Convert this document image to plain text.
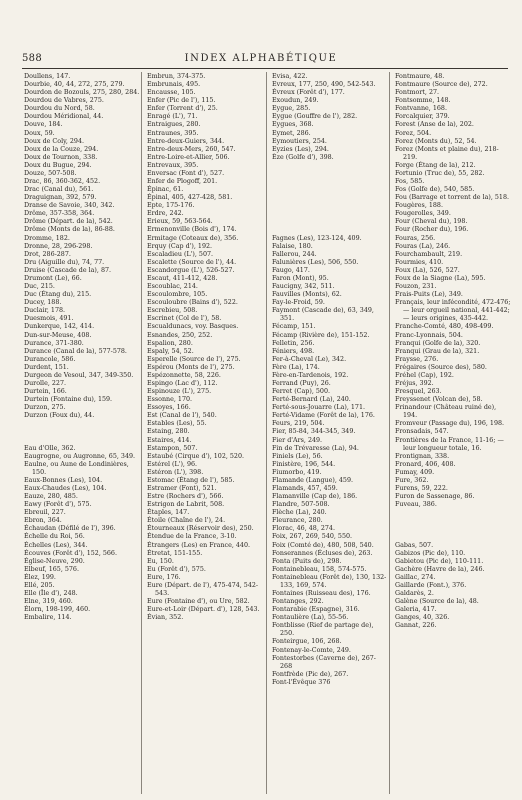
588	INDEX ALPHABÉTIQUE
Doullens, 147.
Dourbie, 40, 44, 272, 275, 279.
Dourdon de Bozouls, 275, 280, 284.
Dourdou de Vabres, 275.
Dourdou du Nord, 58.
Dourdou Méridional, 44.
Douve, 184.
Doux, 59.
Doux de Coly, 294.
Doux de la Couze, 294.
Doux de Tournon, 338.
Doux du Bugue, 294.
Douze, 507-508.
Drac, 86, 360-362, 452.
Drac (Canal du), 561.
Draguignan, 392, 579.
Dranse de Savoie, 340, 342.
Drôme, 357-358, 364.
Drôme (Départ. de la), 542.
Drôme (Monts de la), 86-88.
Dromme, 182.
Dronne, 28, 296-298.
Drot, 286-287.
Dru (Aiguille du), 74, 77.
Druise (Cascade de la), 87.
Drumont (Le), 66.
Duc, 215.
Duc (Étang du), 215.
Ducey, 188.
Duclair, 178.
Duesmois, 491.
Dunkerque, 142, 414.
Dun-sur-Meuse, 408.
Durance, 371-380.
Durance (Canal de la), 577-578.
Durancole, 586.
Durdent, 151.
Durgeon de Vesoul, 347, 349-350.
Durolle, 227.
Durtein, 166.
Durtein (Fontaine du), 159.
Durzon, 275.
Durzon (Foux du), 44.
Eau d'Olle, 362.
Eaugrogne, ou Augronne, 65, 349.
Eaulne, ou Aune de Londinières, 150.
Eaux-Bonnes (Les), 104.
Eaux-Chaudes (Les), 104.
Eauze, 280, 485.
Eawy (Forêt d'), 575.
Ebreuil, 227.
Ebron, 364.
Échaudan (Défilé de l'), 396.
Échelle du Roi, 56.
Échelles (Les), 344.
Écouves (Forêt d'), 152, 566.
Église-Neuve, 290.
Elbeuf, 165, 576.
Élez, 199.
Ellé, 205.
Elle (Île d'), 248.
Elne, 319, 460.
Élorn, 198-199, 460.
Embalire, 114.
Embrun, 374-375.
Embrunais, 495.
Encausse, 105.
Enfer (Pic de l'), 115.
Enfer (Torrent d'), 25.
Enragé (L'), 71.
Entraigues, 280.
Entraunes, 395.
Entre-deux-Guiers, 344.
Entre-deux-Mers, 260, 547.
Entre-Loire-et-Allier, 506.
Entrevaux, 395.
Enversac (Font d'), 527.
Enfer de Plogoff, 201.
Épinac, 61.
Épinal, 405, 427-428, 581.
Epte, 175-176.
Erdre, 242.
Erieux, 59, 563-564.
Ermenonville (Bois d'), 174.
Ermitage (Coteaux de), 356.
Erquy (Cap d'), 192.
Escaladieu (L'), 507.
Escalette (Source de l'), 44.
Escandorgue (L'), 526-527.
Escaut, 411-412, 428.
Escoublac, 214.
Escoulombre, 105.
Escouloubre (Bains d'), 522.
Escrebieu, 508.
Escrinet (Col de l'), 58.
Escualdunacs, voy. Basques.
Esnandes, 250, 252.
Espalion, 280.
Espaly, 54, 52.
Esperelle (Source de l'), 275.
Espérou (Monts de l'), 275.
Espézonnette, 58, 226.
Espingo (Lac d'), 112.
Espinouze (L'), 275.
Essonne, 170.
Essoyes, 166.
Est (Canal de l'), 540.
Estables (Les), 55.
Estaing, 280.
Estaires, 414.
Estampon, 507.
Estaubé (Cirque d'), 102, 520.
Estérel (L'), 96.
Estéron (L'), 398.
Estomac (Étang de l'), 585.
Estramer (Font), 521.
Estre (Rochers d'), 566.
Estrigon de Labrit, 508.
Étaples, 147.
Étoile (Chaîne de l'), 24.
Étourneaux (Réservoir des), 250.
Étendue de la France, 3-10.
Étrangers (Les) en France, 440.
Étretat, 151-155.
Eu, 150.
Eu (Forêt d'), 575.
Eure, 176.
Eure (Départ. de l'), 475-474, 542-543.
Eure (Fontaine d'), ou Ure, 582.
Eure-et-Loir (Départ. d'), 128, 543.
Évian, 352.
Evisa, 422.
Evreux, 177, 250, 490, 542-543.
Évreux (Forêt d'), 177.
Exoudun, 249.
Eygue, 285.
Eygue (Gouffre de l'), 282.
Eygues, 368.
Eymet, 286.
Eymoutiers, 254.
Eyzies (Les), 294.
Èze (Golfe d'), 398.
Fagnes (Les), 123-124, 409.
Falaise, 180.
Fallerou, 244.
Falunières (Les), 506, 550.
Faugo, 417.
Faron (Mont), 95.
Faucigny, 342, 511.
Fauvilles (Monts), 62.
Fay-le-Froid, 59.
Faymont (Cascade de), 63, 349, 351.
Fécamp, 151.
Fécamp (Rivière de), 151-152.
Felletin, 256.
Féniers, 498.
Fer-à-Cheval (Le), 342.
Fère (La), 174.
Fère-en-Tardenois, 192.
Ferrand (Puy), 26.
Ferret (Cap), 500.
Ferté-Bernard (La), 240.
Ferté-sous-Jouarre (La), 171.
Ferté-Vidame (Forêt de la), 176.
Feurs, 219, 504.
Fier, 85-84, 344-345, 349.
Fier d'Ars, 249.
Fin de Trévaresse (La), 94.
Finiels (Le), 56.
Finistère, 196, 544.
Fiumorbo, 419.
Flamande (Langue), 459.
Flamands, 457, 459.
Flamanville (Cap de), 186.
Flandre, 507-508.
Flèche (La), 240.
Fleurance, 280.
Florac, 46, 48, 274.
Foix, 267, 269, 540, 550.
Foix (Comté de), 480, 508, 540.
Fonserannes (Écluses de), 263.
Fonta (Puits de), 298.
Fontainebleau, 158, 574-575.
Fontainebleau (Forêt de), 130, 132-133, 169, 574.
Fontaines (Ruisseau des), 176.
Fontanges, 292.
Fontarabie (Espagne), 316.
Fontaulière (La), 55-56.
Fontblisse (Rief de partage de), 250.
Fonteirgue, 106, 268.
Fontenay-le-Comte, 249.
Fontestorbes (Caverne de), 267-268
Fontfrède (Pic de), 267.
Font-l'Évêque 376
Fontmaure, 48.
Fontmaure (Source de), 272.
Fontmort, 27.
Fontsomme, 148.
Fontvanne, 168.
Forcalquier, 379.
Forest (Anse de la), 202.
Forez, 504.
Forez (Monts du), 52, 54.
Forez (Monts et plaine du), 218-219.
Forge (Étang de la), 212.
Fortunio (Truc de), 55, 282.
Fos, 585.
Fos (Golfe de), 540, 585.
Fou (Barrage et torrent de la), 518.
Fougères, 188.
Fougerolles, 349.
Four (Cheval du), 198.
Four (Rocher du), 196.
Fouras, 256.
Fouras (La), 246.
Fourchambault, 219.
Fourmies, 410.
Foux (La), 526, 527.
Foux de la Siagne (La), 595.
Fouzon, 231.
Frais-Puits (Le), 349.
Français, leur infécondité, 472-476; — leur orgueil national, 441-442; — leurs origines, 435-442.
Franche-Comté, 480, 498-499.
Franc-Lyonnais, 504.
Franqui (Golfe de la), 320.
Franqui (Grau de la), 321.
Fraysse, 276.
Frégaires (Source des), 580.
Fréhel (Cap), 192.
Fréjus, 392.
Fresquel, 263.
Freyssenet (Volcan de), 58.
Frinandour (Château ruiné de), 194.
Fromveur (Passage du), 196, 198.
Fronsadais, 547.
Frontières de la France, 11-16; — leur longueur totale, 16.
Frontignan, 338.
Fronard, 406, 408.
Fumay, 409.
Fure, 362.
Furens, 59, 222.
Furon de Sassenage, 86.
Fuveau, 386.
Gabas, 507.
Gabizos (Pic de), 110.
Gabietou (Pic de), 110-111.
Gachère (Havre de la), 246.
Gaillac, 274.
Gaillarde (Font.), 376.
Galdarès, 2.
Galène (Source de la), 48.
Galeria, 417.
Ganges, 40, 326.
Gannat, 226.
